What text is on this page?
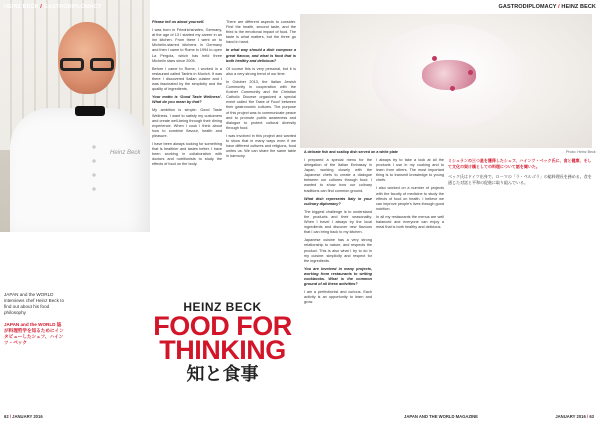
Heinz Beck
HEINZ BECK / GASTRODIPLOMACY
JAPAN and the WORLD interviews chef Heinz Beck to find out about his food philosophy
JAPAN and the WORLD 誌が料理哲学を知るためにインタビューしたシェフ、ハインツ・ベック
HEINZ BECK
FOOD FOR
THINKING
知と食事

Please tell us about yourself.

I was born in Friedrichshafen, Germany, at the age of 13 I started my career in an inn kitchen. From there I went on to Michelin-starred kitchens in Germany and then I came to Rome in 1994 to open La Pergola, which has held three Michelin stars since 2005.

Before I came to Rome, I worked in a restaurant called Tantris in Munich. It was there I discovered Italian cuisine and I was fascinated by the simplicity and the quality of ingredients.

Your motto is ‘Good Taste Wellness’. What do you mean by that?

My ambition is simple: Good Taste Wellness. I want to satisfy my customers and create well-being through their dining experience. When I cook I think about how to combine flavour, health and pleasure.

I have been always looking for something that is healthier and tastes better. I have been working in collaboration with doctors and nutritionists to study the effects of food on the body.

There are different aspects to consider. First the health, second taste, and the third is the emotional impact of food. The taste is what matters, but the three go hand in hand.

In what way should a dish compose a great flavour, and what is food that is both healthy and delicious?

Of course this is very personal, but it is also a very strong trend of our time.

In October 2013, the Italian Jewish Community in cooperation with the Kosher Community and the Christian Catholic Diocese organized a special event called ‘the Taste of Food’ between their gastronomic cultures. The purpose of this project was to communicate peace and to promote public awareness and dialogue to protect cultural diversity through food.

I was involved in this project and wanted to show that in many ways even if we have different cultures and religions, food unites us. We can share the same table in harmony.

62 / JANUARY 2016
GASTRODIPLOMACY / HEINZ BECK
A delicate fish and scallop dish served on a white plate	Photo: Heinz Beck

I prepared a special menu for the delegation of the Italian Embassy in Japan, working closely with the Japanese chefs to create a dialogue between our cultures through food. I wanted to show how our culinary traditions can find common ground.

What dish represents Italy in your culinary diplomacy?

The biggest challenge is to understand the products and their seasonality. When I travel I always try the local ingredients and discover new flavours that I can bring back to my kitchen.

Japanese cuisine has a very strong relationship to nature, and respects the product. This is also what I try to do in my cuisine: simplicity and respect for the ingredients.

You are involved in many projects, working from restaurants to writing cookbooks. What is the common ground of all these activities?

I am a perfectionist and curious. Each activity is an opportunity to learn and grow.

I always try to take a look at all the products I use in my cooking and to learn from others. The most important thing is to transmit knowledge to young chefs.

I also worked on a number of projects with the faculty of medicine to study the effects of food on health. I believe we can improve people’s lives through good nutrition.

In all my restaurants the menus are well balanced and everyone can enjoy a meal that is both healthy and delicious.

ミシュランの三つ星を獲得したシェフ、ハインツ・ベック氏に、食と健康、そして文化の架け橋としての料理について話を聞いた。
ベック氏はドイツ出身で、ローマの「ラ・ペルゴラ」の総料理長を務める。食を通じた対話と平和の促進に取り組んでいる。
JAPAN AND THE WORLD MAGAZINE	JANUARY 2016 / 63
